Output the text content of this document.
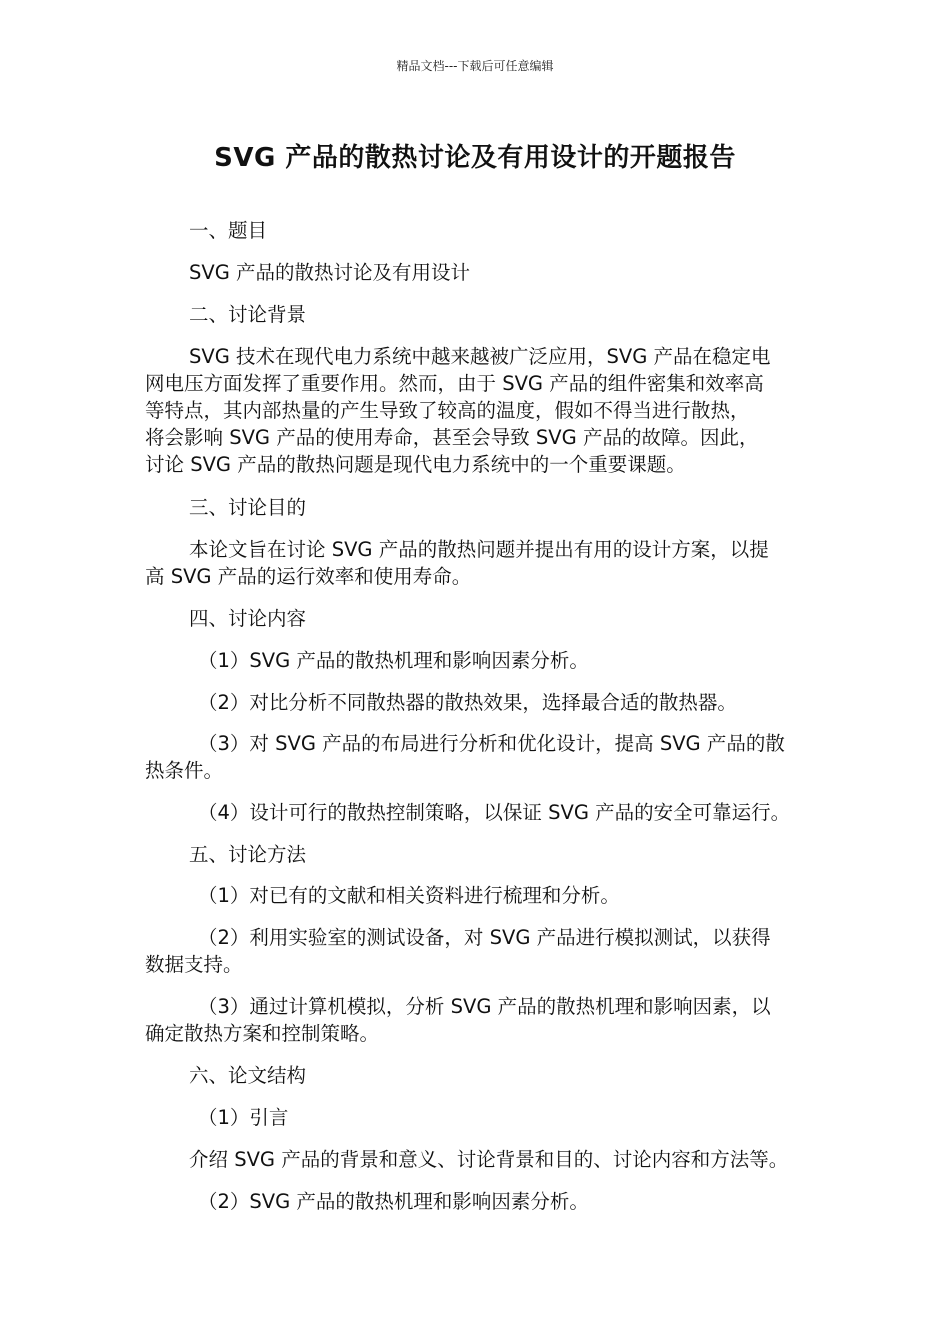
精品文档---下载后可任意编辑
SVG 产品的散热讨论及有用设计的开题报告
一、题目
SVG 产品的散热讨论及有用设计
二、讨论背景
SVG 技术在现代电力系统中越来越被广泛应用，SVG 产品在稳定电
网电压方面发挥了重要作用。然而，由于 SVG 产品的组件密集和效率高
等特点，其内部热量的产生导致了较高的温度，假如不得当进行散热，
将会影响 SVG 产品的使用寿命，甚至会导致 SVG 产品的故障。因此，
讨论 SVG 产品的散热问题是现代电力系统中的一个重要课题。
三、讨论目的
本论文旨在讨论 SVG 产品的散热问题并提出有用的设计方案，以提
高 SVG 产品的运行效率和使用寿命。
四、讨论内容
（1）SVG 产品的散热机理和影响因素分析。
（2）对比分析不同散热器的散热效果，选择最合适的散热器。
（3）对 SVG 产品的布局进行分析和优化设计，提高 SVG 产品的散
热条件。
（4）设计可行的散热控制策略，以保证 SVG 产品的安全可靠运行。
五、讨论方法
（1）对已有的文献和相关资料进行梳理和分析。
（2）利用实验室的测试设备，对 SVG 产品进行模拟测试，以获得
数据支持。
（3）通过计算机模拟，分析 SVG 产品的散热机理和影响因素，以
确定散热方案和控制策略。
六、论文结构
（1）引言
介绍 SVG 产品的背景和意义、讨论背景和目的、讨论内容和方法等。
（2）SVG 产品的散热机理和影响因素分析。
